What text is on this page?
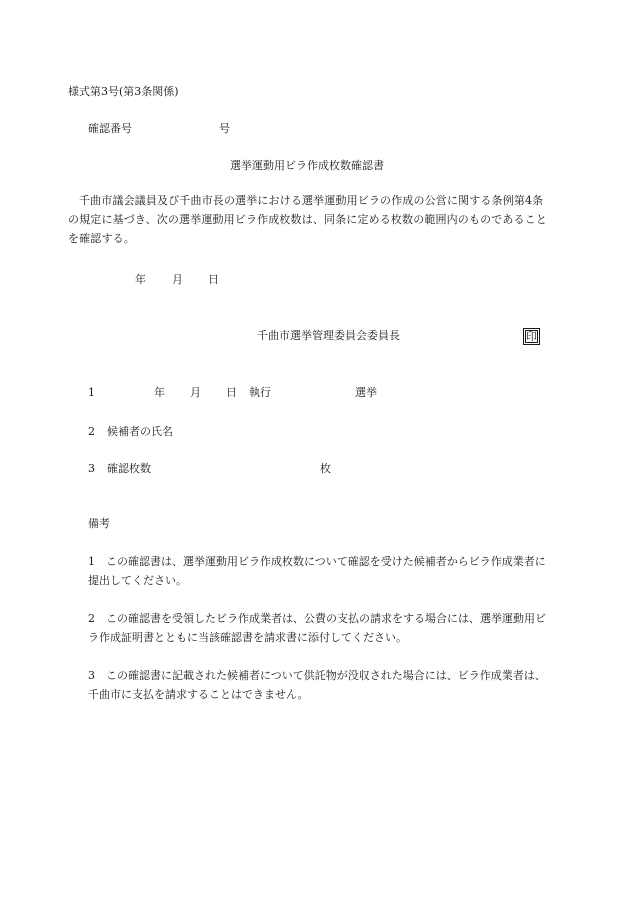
様式第3号(第3条関係)
確認番号	号
選挙運動用ビラ作成枚数確認書
千曲市議会議員及び千曲市長の選挙における選挙運動用ビラの作成の公営に関する条例第4条の規定に基づき、次の選挙運動用ビラ作成枚数は、同条に定める枚数の範囲内のものであることを確認する。
年 月 日
千曲市選挙管理委員会委員長	印
1	年 月 日 執行	選挙
2 候補者の氏名
3 確認枚数	枚
備考
1	この確認書は、選挙運動用ビラ作成枚数について確認を受けた候補者からビラ作成業者に提出してください。
2	この確認書を受領したビラ作成業者は、公費の支払の請求をする場合には、選挙運動用ビラ作成証明書とともに当該確認書を請求書に添付してください。
3	この確認書に記載された候補者について供託物が没収された場合には、ビラ作成業者は、千曲市に支払を請求することはできません。
